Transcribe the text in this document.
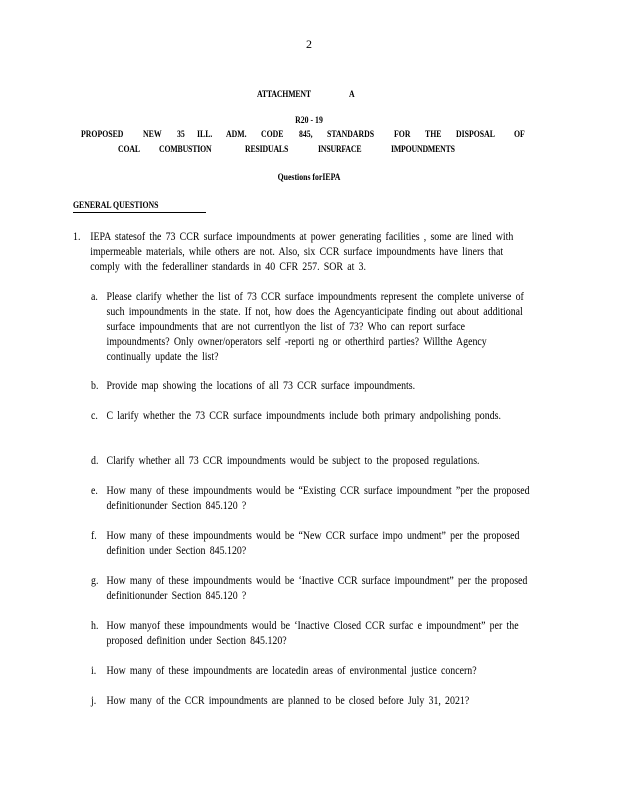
2
ATTACHMENT	A
R20 - 19
PROPOSED NEW 35 ILL. ADM. CODE 845, STANDARDS FOR THE DISPOSAL OF
COAL COMBUSTION	RESIDUALS	INSURFACE	IMPOUNDMENTS
Questions forIEPA
GENERAL QUESTIONS
1. IEPA statesof the 73 CCR surface impoundments at power generating facilities , some are lined with impermeable materials, while others are not. Also, six CCR surface impoundments have liners that comply with the federalliner standards in 40 CFR 257. SOR at 3.
a. Please clarify whether the list of 73 CCR surface impoundments represent the complete universe of such impoundments in the state. If not, how does the Agencyanticipate finding out about additional surface impoundments that are not currentlyon the list of 73? Who can report surface impoundments? Only owner/operators self -reporti ng or otherthird parties? Willthe Agency continually update the list?
b. Provide map showing the locations of all 73 CCR surface impoundments.
c. C larify whether the 73 CCR surface impoundments include both primary andpolishing ponds.
d. Clarify whether all 73 CCR impoundments would be subject to the proposed regulations.
e. How many of these impoundments would be “Existing CCR surface impoundment ”per the proposed definitionunder Section 845.120 ?
f. How many of these impoundments would be “New CCR surface impo undment” per the proposed definition under Section 845.120?
g. How many of these impoundments would be ‘Inactive CCR surface impoundment” per the proposed definitionunder Section 845.120 ?
h. How manyof these impoundments would be ‘Inactive Closed CCR surfac e impoundment” per the proposed definition under Section 845.120?
i. How many of these impoundments are locatedin areas of environmental justice concern?
j. How many of the CCR impoundments are planned to be closed before July 31, 2021?
